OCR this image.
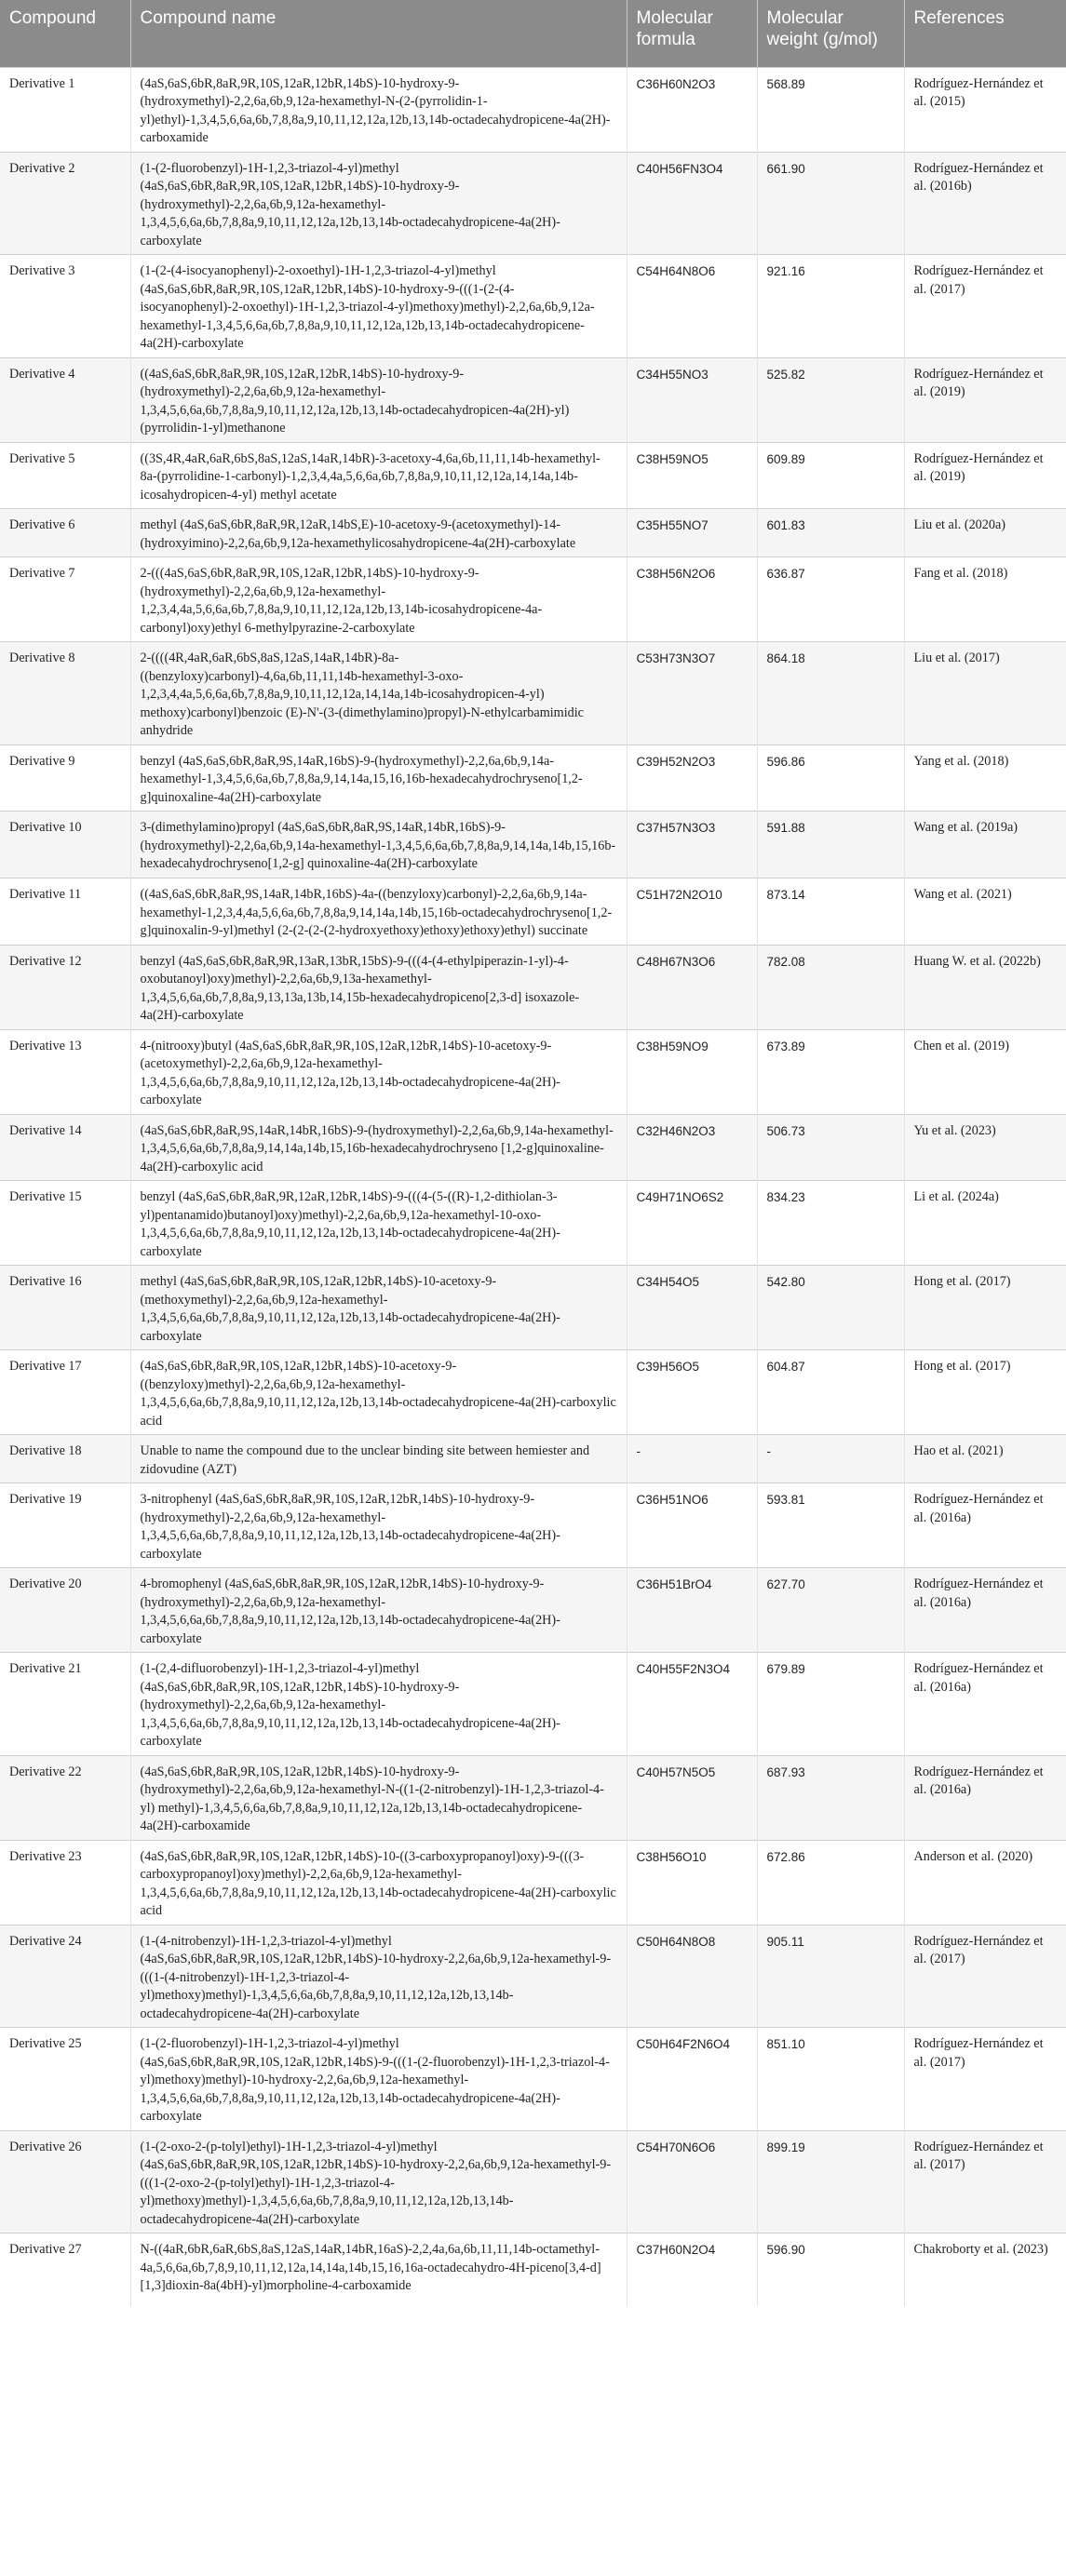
Compound	Compound name	Molecular formula	Molecular weight (g/mol)	References
Derivative 1	(4aS,6aS,6bR,8aR,9R,10S,12aR,12bR,14bS)-10-hydroxy-9-(hydroxymethyl)-2,2,6a,6b,9,12a-hexamethyl-N-(2-(pyrrolidin-1-yl)ethyl)-1,3,4,5,6,6a,6b,7,8,8a,9,10,11,12,12a,12b,13,14b-octadecahydropicene-4a(2H)-carboxamide	C36H60N2O3	568.89	Rodríguez-Hernández et al. (2015)
Derivative 2	(1-(2-fluorobenzyl)-1H-1,2,3-triazol-4-yl)methyl (4aS,6aS,6bR,8aR,9R,10S,12aR,12bR,14bS)-10-hydroxy-9-(hydroxymethyl)-2,2,6a,6b,9,12a-hexamethyl-1,3,4,5,6,6a,6b,7,8,8a,9,10,11,12,12a,12b,13,14b-octadecahydropicene-4a(2H)-carboxylate	C40H56FN3O4	661.90	Rodríguez-Hernández et al. (2016b)
Derivative 3	(1-(2-(4-isocyanophenyl)-2-oxoethyl)-1H-1,2,3-triazol-4-yl)methyl (4aS,6aS,6bR,8aR,9R,10S,12aR,12bR,14bS)-10-hydroxy-9-(((1-(2-(4-isocyanophenyl)-2-oxoethyl)-1H-1,2,3-triazol-4-yl)methoxy)methyl)-2,2,6a,6b,9,12a-hexamethyl-1,3,4,5,6,6a,6b,7,8,8a,9,10,11,12,12a,12b,13,14b-octadecahydropicene-4a(2H)-carboxylate	C54H64N8O6	921.16	Rodríguez-Hernández et al. (2017)
Derivative 4	((4aS,6aS,6bR,8aR,9R,10S,12aR,12bR,14bS)-10-hydroxy-9-(hydroxymethyl)-2,2,6a,6b,9,12a-hexamethyl-1,3,4,5,6,6a,6b,7,8,8a,9,10,11,12,12a,12b,13,14b-octadecahydropicen-4a(2H)-yl)(pyrrolidin-1-yl)methanone	C34H55NO3	525.82	Rodríguez-Hernández et al. (2019)
Derivative 5	((3S,4R,4aR,6aR,6bS,8aS,12aS,14aR,14bR)-3-acetoxy-4,6a,6b,11,11,14b-hexamethyl-8a-(pyrrolidine-1-carbonyl)-1,2,3,4,4a,5,6,6a,6b,7,8,8a,9,10,11,12,12a,14,14a,14b-icosahydropicen-4-yl) methyl acetate	C38H59NO5	609.89	Rodríguez-Hernández et al. (2019)
Derivative 6	methyl (4aS,6aS,6bR,8aR,9R,12aR,14bS,E)-10-acetoxy-9-(acetoxymethyl)-14-(hydroxyimino)-2,2,6a,6b,9,12a-hexamethylicosahydropicene-4a(2H)-carboxylate	C35H55NO7	601.83	Liu et al. (2020a)
Derivative 7	2-(((4aS,6aS,6bR,8aR,9R,10S,12aR,12bR,14bS)-10-hydroxy-9-(hydroxymethyl)-2,2,6a,6b,9,12a-hexamethyl-1,2,3,4,4a,5,6,6a,6b,7,8,8a,9,10,11,12,12a,12b,13,14b-icosahydropicene-4a-carbonyl)oxy)ethyl 6-methylpyrazine-2-carboxylate	C38H56N2O6	636.87	Fang et al. (2018)
Derivative 8	2-((((4R,4aR,6aR,6bS,8aS,12aS,14aR,14bR)-8a-((benzyloxy)carbonyl)-4,6a,6b,11,11,14b-hexamethyl-3-oxo-1,2,3,4,4a,5,6,6a,6b,7,8,8a,9,10,11,12,12a,14,14a,14b-icosahydropicen-4-yl) methoxy)carbonyl)benzoic (E)-N'-(3-(dimethylamino)propyl)-N-ethylcarbamimidic anhydride	C53H73N3O7	864.18	Liu et al. (2017)
Derivative 9	benzyl (4aS,6aS,6bR,8aR,9S,14aR,16bS)-9-(hydroxymethyl)-2,2,6a,6b,9,14a-hexamethyl-1,3,4,5,6,6a,6b,7,8,8a,9,14,14a,15,16,16b-hexadecahydrochryseno[1,2-g]quinoxaline-4a(2H)-carboxylate	C39H52N2O3	596.86	Yang et al. (2018)
Derivative 10	3-(dimethylamino)propyl (4aS,6aS,6bR,8aR,9S,14aR,14bR,16bS)-9-(hydroxymethyl)-2,2,6a,6b,9,14a-hexamethyl-1,3,4,5,6,6a,6b,7,8,8a,9,14,14a,14b,15,16b-hexadecahydrochryseno[1,2-g] quinoxaline-4a(2H)-carboxylate	C37H57N3O3	591.88	Wang et al. (2019a)
Derivative 11	((4aS,6aS,6bR,8aR,9S,14aR,14bR,16bS)-4a-((benzyloxy)carbonyl)-2,2,6a,6b,9,14a-hexamethyl-1,2,3,4,4a,5,6,6a,6b,7,8,8a,9,14,14a,14b,15,16b-octadecahydrochryseno[1,2-g]quinoxalin-9-yl)methyl (2-(2-(2-(2-hydroxyethoxy)ethoxy)ethoxy)ethyl) succinate	C51H72N2O10	873.14	Wang et al. (2021)
Derivative 12	benzyl (4aS,6aS,6bR,8aR,9R,13aR,13bR,15bS)-9-(((4-(4-ethylpiperazin-1-yl)-4-oxobutanoyl)oxy)methyl)-2,2,6a,6b,9,13a-hexamethyl-1,3,4,5,6,6a,6b,7,8,8a,9,13,13a,13b,14,15b-hexadecahydropiceno[2,3-d] isoxazole-4a(2H)-carboxylate	C48H67N3O6	782.08	Huang W. et al. (2022b)
Derivative 13	4-(nitrooxy)butyl (4aS,6aS,6bR,8aR,9R,10S,12aR,12bR,14bS)-10-acetoxy-9-(acetoxymethyl)-2,2,6a,6b,9,12a-hexamethyl-1,3,4,5,6,6a,6b,7,8,8a,9,10,11,12,12a,12b,13,14b-octadecahydropicene-4a(2H)-carboxylate	C38H59NO9	673.89	Chen et al. (2019)
Derivative 14	(4aS,6aS,6bR,8aR,9S,14aR,14bR,16bS)-9-(hydroxymethyl)-2,2,6a,6b,9,14a-hexamethyl-1,3,4,5,6,6a,6b,7,8,8a,9,14,14a,14b,15,16b-hexadecahydrochryseno [1,2-g]quinoxaline-4a(2H)-carboxylic acid	C32H46N2O3	506.73	Yu et al. (2023)
Derivative 15	benzyl (4aS,6aS,6bR,8aR,9R,12aR,12bR,14bS)-9-(((4-(5-((R)-1,2-dithiolan-3-yl)pentanamido)butanoyl)oxy)methyl)-2,2,6a,6b,9,12a-hexamethyl-10-oxo-1,3,4,5,6,6a,6b,7,8,8a,9,10,11,12,12a,12b,13,14b-octadecahydropicene-4a(2H)-carboxylate	C49H71NO6S2	834.23	Li et al. (2024a)
Derivative 16	methyl (4aS,6aS,6bR,8aR,9R,10S,12aR,12bR,14bS)-10-acetoxy-9-(methoxymethyl)-2,2,6a,6b,9,12a-hexamethyl-1,3,4,5,6,6a,6b,7,8,8a,9,10,11,12,12a,12b,13,14b-octadecahydropicene-4a(2H)-carboxylate	C34H54O5	542.80	Hong et al. (2017)
Derivative 17	(4aS,6aS,6bR,8aR,9R,10S,12aR,12bR,14bS)-10-acetoxy-9-((benzyloxy)methyl)-2,2,6a,6b,9,12a-hexamethyl-1,3,4,5,6,6a,6b,7,8,8a,9,10,11,12,12a,12b,13,14b-octadecahydropicene-4a(2H)-carboxylic acid	C39H56O5	604.87	Hong et al. (2017)
Derivative 18	Unable to name the compound due to the unclear binding site between hemiester and zidovudine (AZT)	-	-	Hao et al. (2021)
Derivative 19	3-nitrophenyl (4aS,6aS,6bR,8aR,9R,10S,12aR,12bR,14bS)-10-hydroxy-9-(hydroxymethyl)-2,2,6a,6b,9,12a-hexamethyl-1,3,4,5,6,6a,6b,7,8,8a,9,10,11,12,12a,12b,13,14b-octadecahydropicene-4a(2H)-carboxylate	C36H51NO6	593.81	Rodríguez-Hernández et al. (2016a)
Derivative 20	4-bromophenyl (4aS,6aS,6bR,8aR,9R,10S,12aR,12bR,14bS)-10-hydroxy-9-(hydroxymethyl)-2,2,6a,6b,9,12a-hexamethyl-1,3,4,5,6,6a,6b,7,8,8a,9,10,11,12,12a,12b,13,14b-octadecahydropicene-4a(2H)-carboxylate	C36H51BrO4	627.70	Rodríguez-Hernández et al. (2016a)
Derivative 21	(1-(2,4-difluorobenzyl)-1H-1,2,3-triazol-4-yl)methyl (4aS,6aS,6bR,8aR,9R,10S,12aR,12bR,14bS)-10-hydroxy-9-(hydroxymethyl)-2,2,6a,6b,9,12a-hexamethyl-1,3,4,5,6,6a,6b,7,8,8a,9,10,11,12,12a,12b,13,14b-octadecahydropicene-4a(2H)-carboxylate	C40H55F2N3O4	679.89	Rodríguez-Hernández et al. (2016a)
Derivative 22	(4aS,6aS,6bR,8aR,9R,10S,12aR,12bR,14bS)-10-hydroxy-9-(hydroxymethyl)-2,2,6a,6b,9,12a-hexamethyl-N-((1-(2-nitrobenzyl)-1H-1,2,3-triazol-4-yl) methyl)-1,3,4,5,6,6a,6b,7,8,8a,9,10,11,12,12a,12b,13,14b-octadecahydropicene-4a(2H)-carboxamide	C40H57N5O5	687.93	Rodríguez-Hernández et al. (2016a)
Derivative 23	(4aS,6aS,6bR,8aR,9R,10S,12aR,12bR,14bS)-10-((3-carboxypropanoyl)oxy)-9-(((3-carboxypropanoyl)oxy)methyl)-2,2,6a,6b,9,12a-hexamethyl-1,3,4,5,6,6a,6b,7,8,8a,9,10,11,12,12a,12b,13,14b-octadecahydropicene-4a(2H)-carboxylic acid	C38H56O10	672.86	Anderson et al. (2020)
Derivative 24	(1-(4-nitrobenzyl)-1H-1,2,3-triazol-4-yl)methyl (4aS,6aS,6bR,8aR,9R,10S,12aR,12bR,14bS)-10-hydroxy-2,2,6a,6b,9,12a-hexamethyl-9-(((1-(4-nitrobenzyl)-1H-1,2,3-triazol-4-yl)methoxy)methyl)-1,3,4,5,6,6a,6b,7,8,8a,9,10,11,12,12a,12b,13,14b-octadecahydropicene-4a(2H)-carboxylate	C50H64N8O8	905.11	Rodríguez-Hernández et al. (2017)
Derivative 25	(1-(2-fluorobenzyl)-1H-1,2,3-triazol-4-yl)methyl (4aS,6aS,6bR,8aR,9R,10S,12aR,12bR,14bS)-9-(((1-(2-fluorobenzyl)-1H-1,2,3-triazol-4-yl)methoxy)methyl)-10-hydroxy-2,2,6a,6b,9,12a-hexamethyl-1,3,4,5,6,6a,6b,7,8,8a,9,10,11,12,12a,12b,13,14b-octadecahydropicene-4a(2H)-carboxylate	C50H64F2N6O4	851.10	Rodríguez-Hernández et al. (2017)
Derivative 26	(1-(2-oxo-2-(p-tolyl)ethyl)-1H-1,2,3-triazol-4-yl)methyl (4aS,6aS,6bR,8aR,9R,10S,12aR,12bR,14bS)-10-hydroxy-2,2,6a,6b,9,12a-hexamethyl-9-(((1-(2-oxo-2-(p-tolyl)ethyl)-1H-1,2,3-triazol-4-yl)methoxy)methyl)-1,3,4,5,6,6a,6b,7,8,8a,9,10,11,12,12a,12b,13,14b-octadecahydropicene-4a(2H)-carboxylate	C54H70N6O6	899.19	Rodríguez-Hernández et al. (2017)
Derivative 27	N-((4aR,6bR,6aR,6bS,8aS,12aS,14aR,14bR,16aS)-2,2,4a,6a,6b,11,11,14b-octamethyl-4a,5,6,6a,6b,7,8,9,10,11,12,12a,14,14a,14b,15,16,16a-octadecahydro-4H-piceno[3,4-d][1,3]dioxin-8a(4bH)-yl)morpholine-4-carboxamide	C37H60N2O4	596.90	Chakroborty et al. (2023)
